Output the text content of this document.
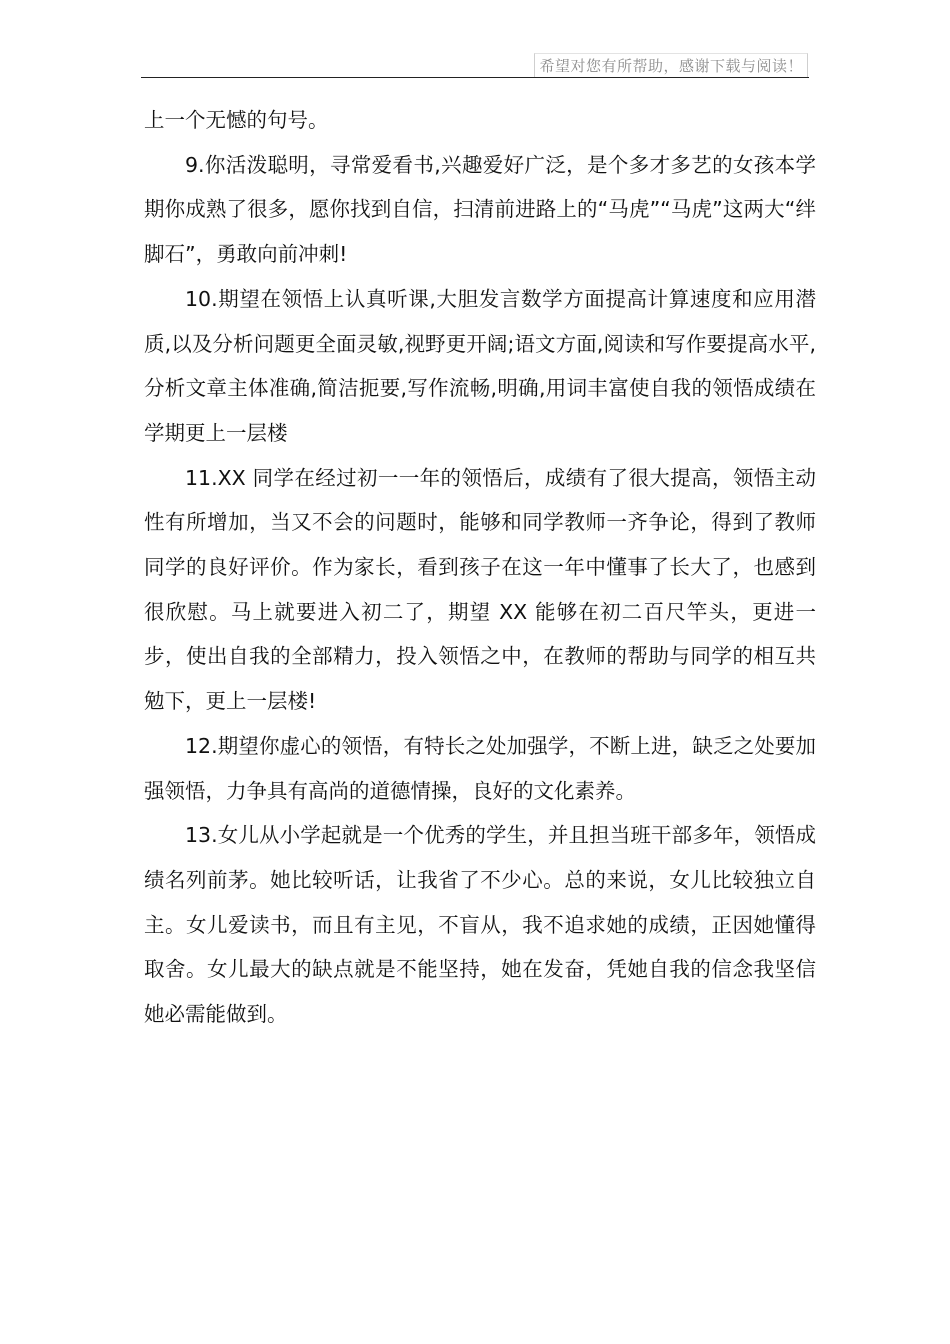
希望对您有所帮助，感谢下载与阅读！

上一个无憾的句号。

9.你活泼聪明，寻常爱看书,兴趣爱好广泛，是个多才多艺的女孩本学期你成熟了很多，愿你找到自信，扫清前进路上的“马虎”“马虎”这两大“绊脚石”，勇敢向前冲刺!

10.期望在领悟上认真听课,大胆发言数学方面提高计算速度和应用潜质,以及分析问题更全面灵敏,视野更开阔;语文方面,阅读和写作要提高水平,分析文章主体准确,简洁扼要,写作流畅,明确,用词丰富使自我的领悟成绩在学期更上一层楼

11.XX 同学在经过初一一年的领悟后，成绩有了很大提高，领悟主动性有所增加，当又不会的问题时，能够和同学教师一齐争论，得到了教师同学的良好评价。作为家长，看到孩子在这一年中懂事了长大了，也感到很欣慰。马上就要进入初二了，期望 XX 能够在初二百尺竿头，更进一步，使出自我的全部精力，投入领悟之中，在教师的帮助与同学的相互共勉下，更上一层楼!

12.期望你虚心的领悟，有特长之处加强学，不断上进，缺乏之处要加强领悟，力争具有高尚的道德情操，良好的文化素养。

13.女儿从小学起就是一个优秀的学生，并且担当班干部多年，领悟成绩名列前茅。她比较听话，让我省了不少心。总的来说，女儿比较独立自主。女儿爱读书，而且有主见，不盲从，我不追求她的成绩，正因她懂得取舍。女儿最大的缺点就是不能坚持，她在发奋，凭她自我的信念我坚信她必需能做到。
